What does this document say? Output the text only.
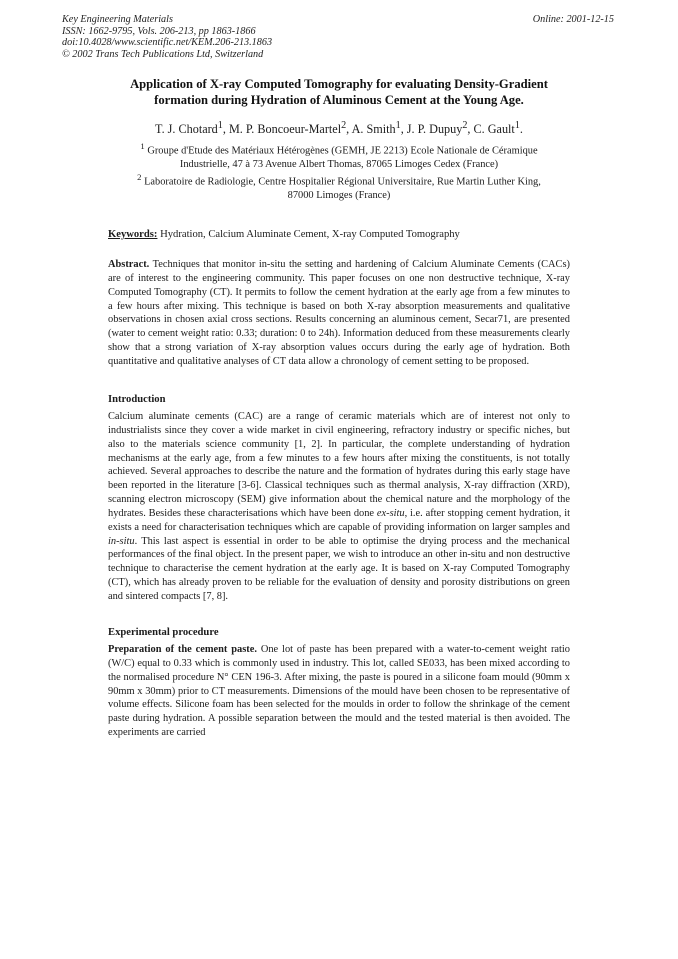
Key Engineering Materials
ISSN: 1662-9795, Vols. 206-213, pp 1863-1866
doi:10.4028/www.scientific.net/KEM.206-213.1863
© 2002 Trans Tech Publications Ltd, Switzerland
Online: 2001-12-15
Application of X-ray Computed Tomography for evaluating Density-Gradient
formation during Hydration of Aluminous Cement at the Young Age.
T. J. Chotard$^1$, M. P. Boncoeur-Martel$^2$, A. Smith$^1$, J. P. Dupuy$^2$, C. Gault$^1$.
$^1$ Groupe d'Etude des Matériaux Hétérogènes (GEMH, JE 2213) Ecole Nationale de Céramique
Industrielle, 47 à 73 Avenue Albert Thomas, 87065 Limoges Cedex (France)
$^2$ Laboratoire de Radiologie, Centre Hospitalier Régional Universitaire, Rue Martin Luther King,
87000 Limoges (France)
Keywords: Hydration, Calcium Aluminate Cement, X-ray Computed Tomography
Abstract. Techniques that monitor in-situ the setting and hardening of Calcium Aluminate Cements (CACs) are of interest to the engineering community. This paper focuses on one non destructive technique, X-ray Computed Tomography (CT). It permits to follow the cement hydration at the early age from a few minutes to a few hours after mixing. This technique is based on both X-ray absorption measurements and qualitative observations in chosen axial cross sections. Results concerning an aluminous cement, Secar71, are presented (water to cement weight ratio: 0.33; duration: 0 to 24h). Information deduced from these measurements clearly show that a strong variation of X-ray absorption values occurs during the early age of hydration. Both quantitative and qualitative analyses of CT data allow a chronology of cement setting to be proposed.
Introduction
Calcium aluminate cements (CAC) are a range of ceramic materials which are of interest not only to industrialists since they cover a wide market in civil engineering, refractory industry or specific niches, but also to the materials science community [1, 2]. In particular, the complete understanding of hydration mechanisms at the early age, from a few minutes to a few hours after mixing the constituents, is not totally achieved. Several approaches to describe the nature and the formation of hydrates during this early stage have been reported in the literature [3-6]. Classical techniques such as thermal analysis, X-ray diffraction (XRD), scanning electron microscopy (SEM) give information about the chemical nature and the morphology of the hydrates. Besides these characterisations which have been done ex-situ, i.e. after stopping cement hydration, it exists a need for characterisation techniques which are capable of providing information on larger samples and in-situ. This last aspect is essential in order to be able to optimise the drying process and the mechanical performances of the final object. In the present paper, we wish to introduce an other in-situ and non destructive technique to characterise the cement hydration at the early age. It is based on X-ray Computed Tomography (CT), which has already proven to be reliable for the evaluation of density and porosity distributions on green and sintered compacts [7, 8].
Experimental procedure
Preparation of the cement paste. One lot of paste has been prepared with a water-to-cement weight ratio (W/C) equal to 0.33 which is commonly used in industry. This lot, called SE033, has been mixed according to the normalised procedure N° CEN 196-3. After mixing, the paste is poured in a silicone foam mould (90mm x 90mm x 30mm) prior to CT measurements. Dimensions of the mould have been chosen to be representative of volume effects. Silicone foam has been selected for the moulds in order to follow the shrinkage of the cement paste during hydration. A possible separation between the mould and the tested material is then avoided. The experiments are carried
